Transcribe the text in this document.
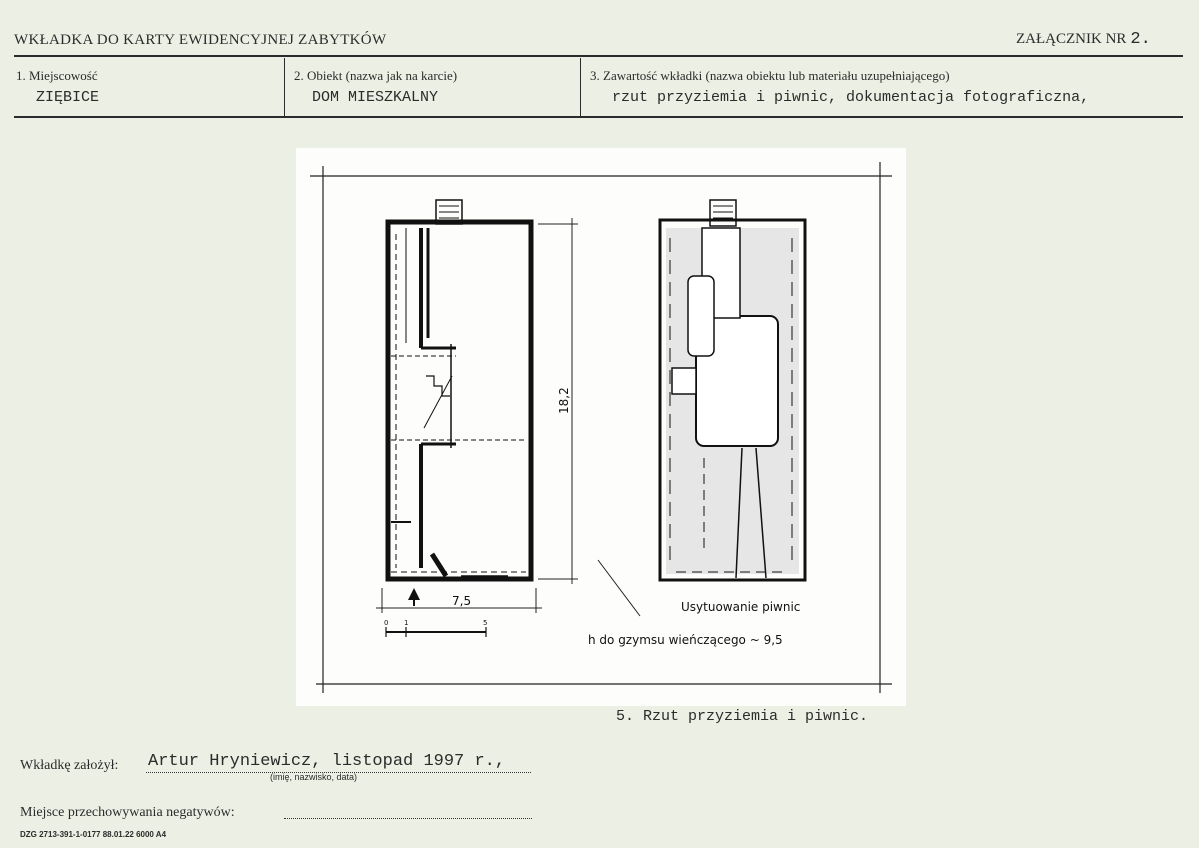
WKŁADKA DO KARTY EWIDENCYJNEJ ZABYTKÓW	ZAŁĄCZNIK NR 2.
1. Miejscowość
ZIĘBICE
2. Obiekt (nazwa jak na karcie)
DOM MIESZKALNY
3. Zawartość wkładki (nazwa obiektu lub materiału uzupełniającego)
rzut przyziemia i piwnic, dokumentacja fotograficzna,
18,2
7,5
0 1	5
Usytuowanie piwnic
h do gzymsu wieńczącego ~ 9,5
5. Rzut przyziemia i piwnic.
Wkładkę założył: Artur Hryniewicz, listopad 1997 r.,
(imię, nazwisko, data)
Miejsce przechowywania negatywów:
DZG 2713-391-1-0177 88.01.22 6000 A4
